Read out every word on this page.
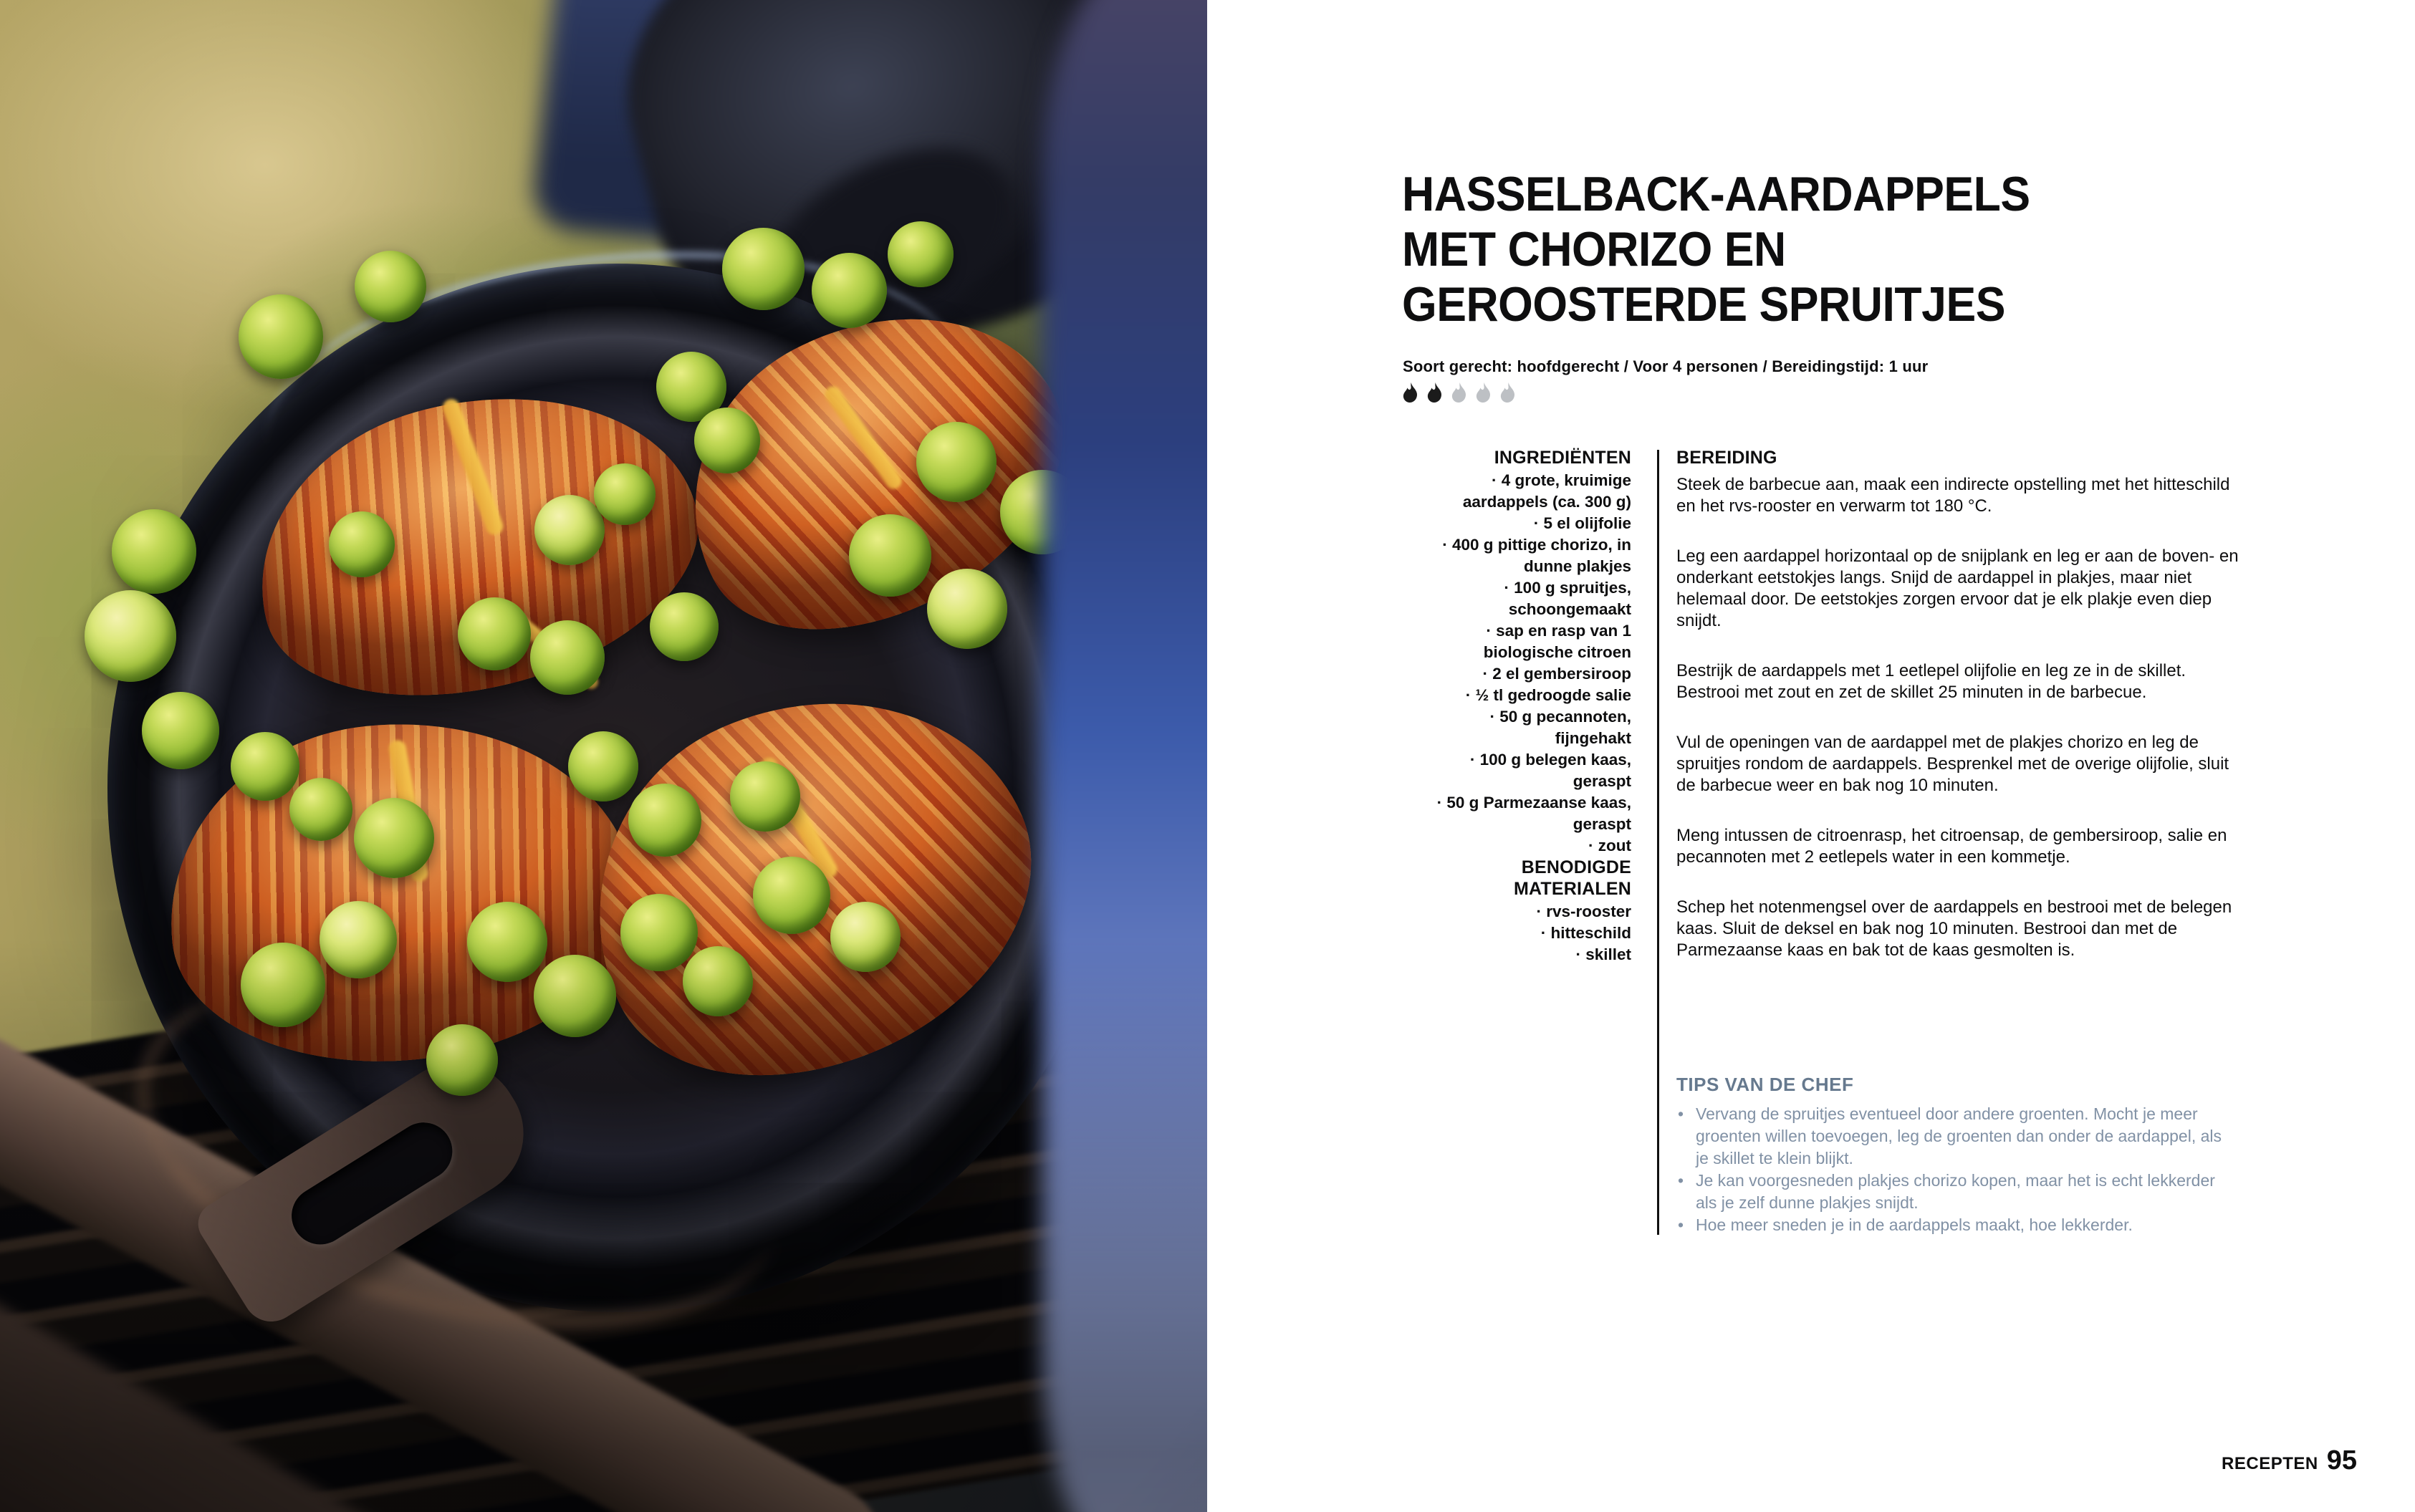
HASSELBACK-AARDAPPELS
MET CHORIZO EN
GEROOSTERDE SPRUITJES

Soort gerecht: hoofdgerecht / Voor 4 personen / Bereidingstijd: 1 uur

INGREDIËNTEN
· 4 grote, kruimige aardappels (ca. 300 g)
· 5 el olijfolie
· 400 g pittige chorizo, in dunne plakjes
· 100 g spruitjes, schoongemaakt
· sap en rasp van 1 biologische citroen
· 2 el gembersiroop
· ½ tl gedroogde salie
· 50 g pecannoten, fijngehakt
· 100 g belegen kaas, geraspt
· 50 g Parmezaanse kaas, geraspt
· zout
BENODIGDE
MATERIALEN
· rvs-rooster
· hitteschild
· skillet
BEREIDING

Steek de barbecue aan, maak een indirecte opstelling met het hitteschild en het rvs-rooster en verwarm tot 180 °C.

Leg een aardappel horizontaal op de snijplank en leg er aan de boven- en onderkant eetstokjes langs. Snijd de aardappel in plakjes, maar niet helemaal door. De eetstokjes zorgen ervoor dat je elk plakje even diep snijdt.

Bestrijk de aardappels met 1 eetlepel olijfolie en leg ze in de skillet. Bestrooi met zout en zet de skillet 25 minuten in de barbecue.

Vul de openingen van de aardappel met de plakjes chorizo en leg de spruitjes rondom de aardappels. Besprenkel met de overige olijfolie, sluit de barbecue weer en bak nog 10 minuten.

Meng intussen de citroenrasp, het citroensap, de gembersiroop, salie en pecannoten met 2 eetlepels water in een kommetje.

Schep het notenmengsel over de aardappels en bestrooi met de belegen kaas. Sluit de deksel en bak nog 10 minuten. Bestrooi dan met de Parmezaanse kaas en bak tot de kaas gesmolten is.

TIPS VAN DE CHEF
• Vervang de spruitjes eventueel door andere groenten. Mocht je meer groenten willen toevoegen, leg de groenten dan onder de aardappel, als je skillet te klein blijkt.
• Je kan voorgesneden plakjes chorizo kopen, maar het is echt lekkerder als je zelf dunne plakjes snijdt.
• Hoe meer sneden je in de aardappels maakt, hoe lekkerder.
RECEPTEN 95
